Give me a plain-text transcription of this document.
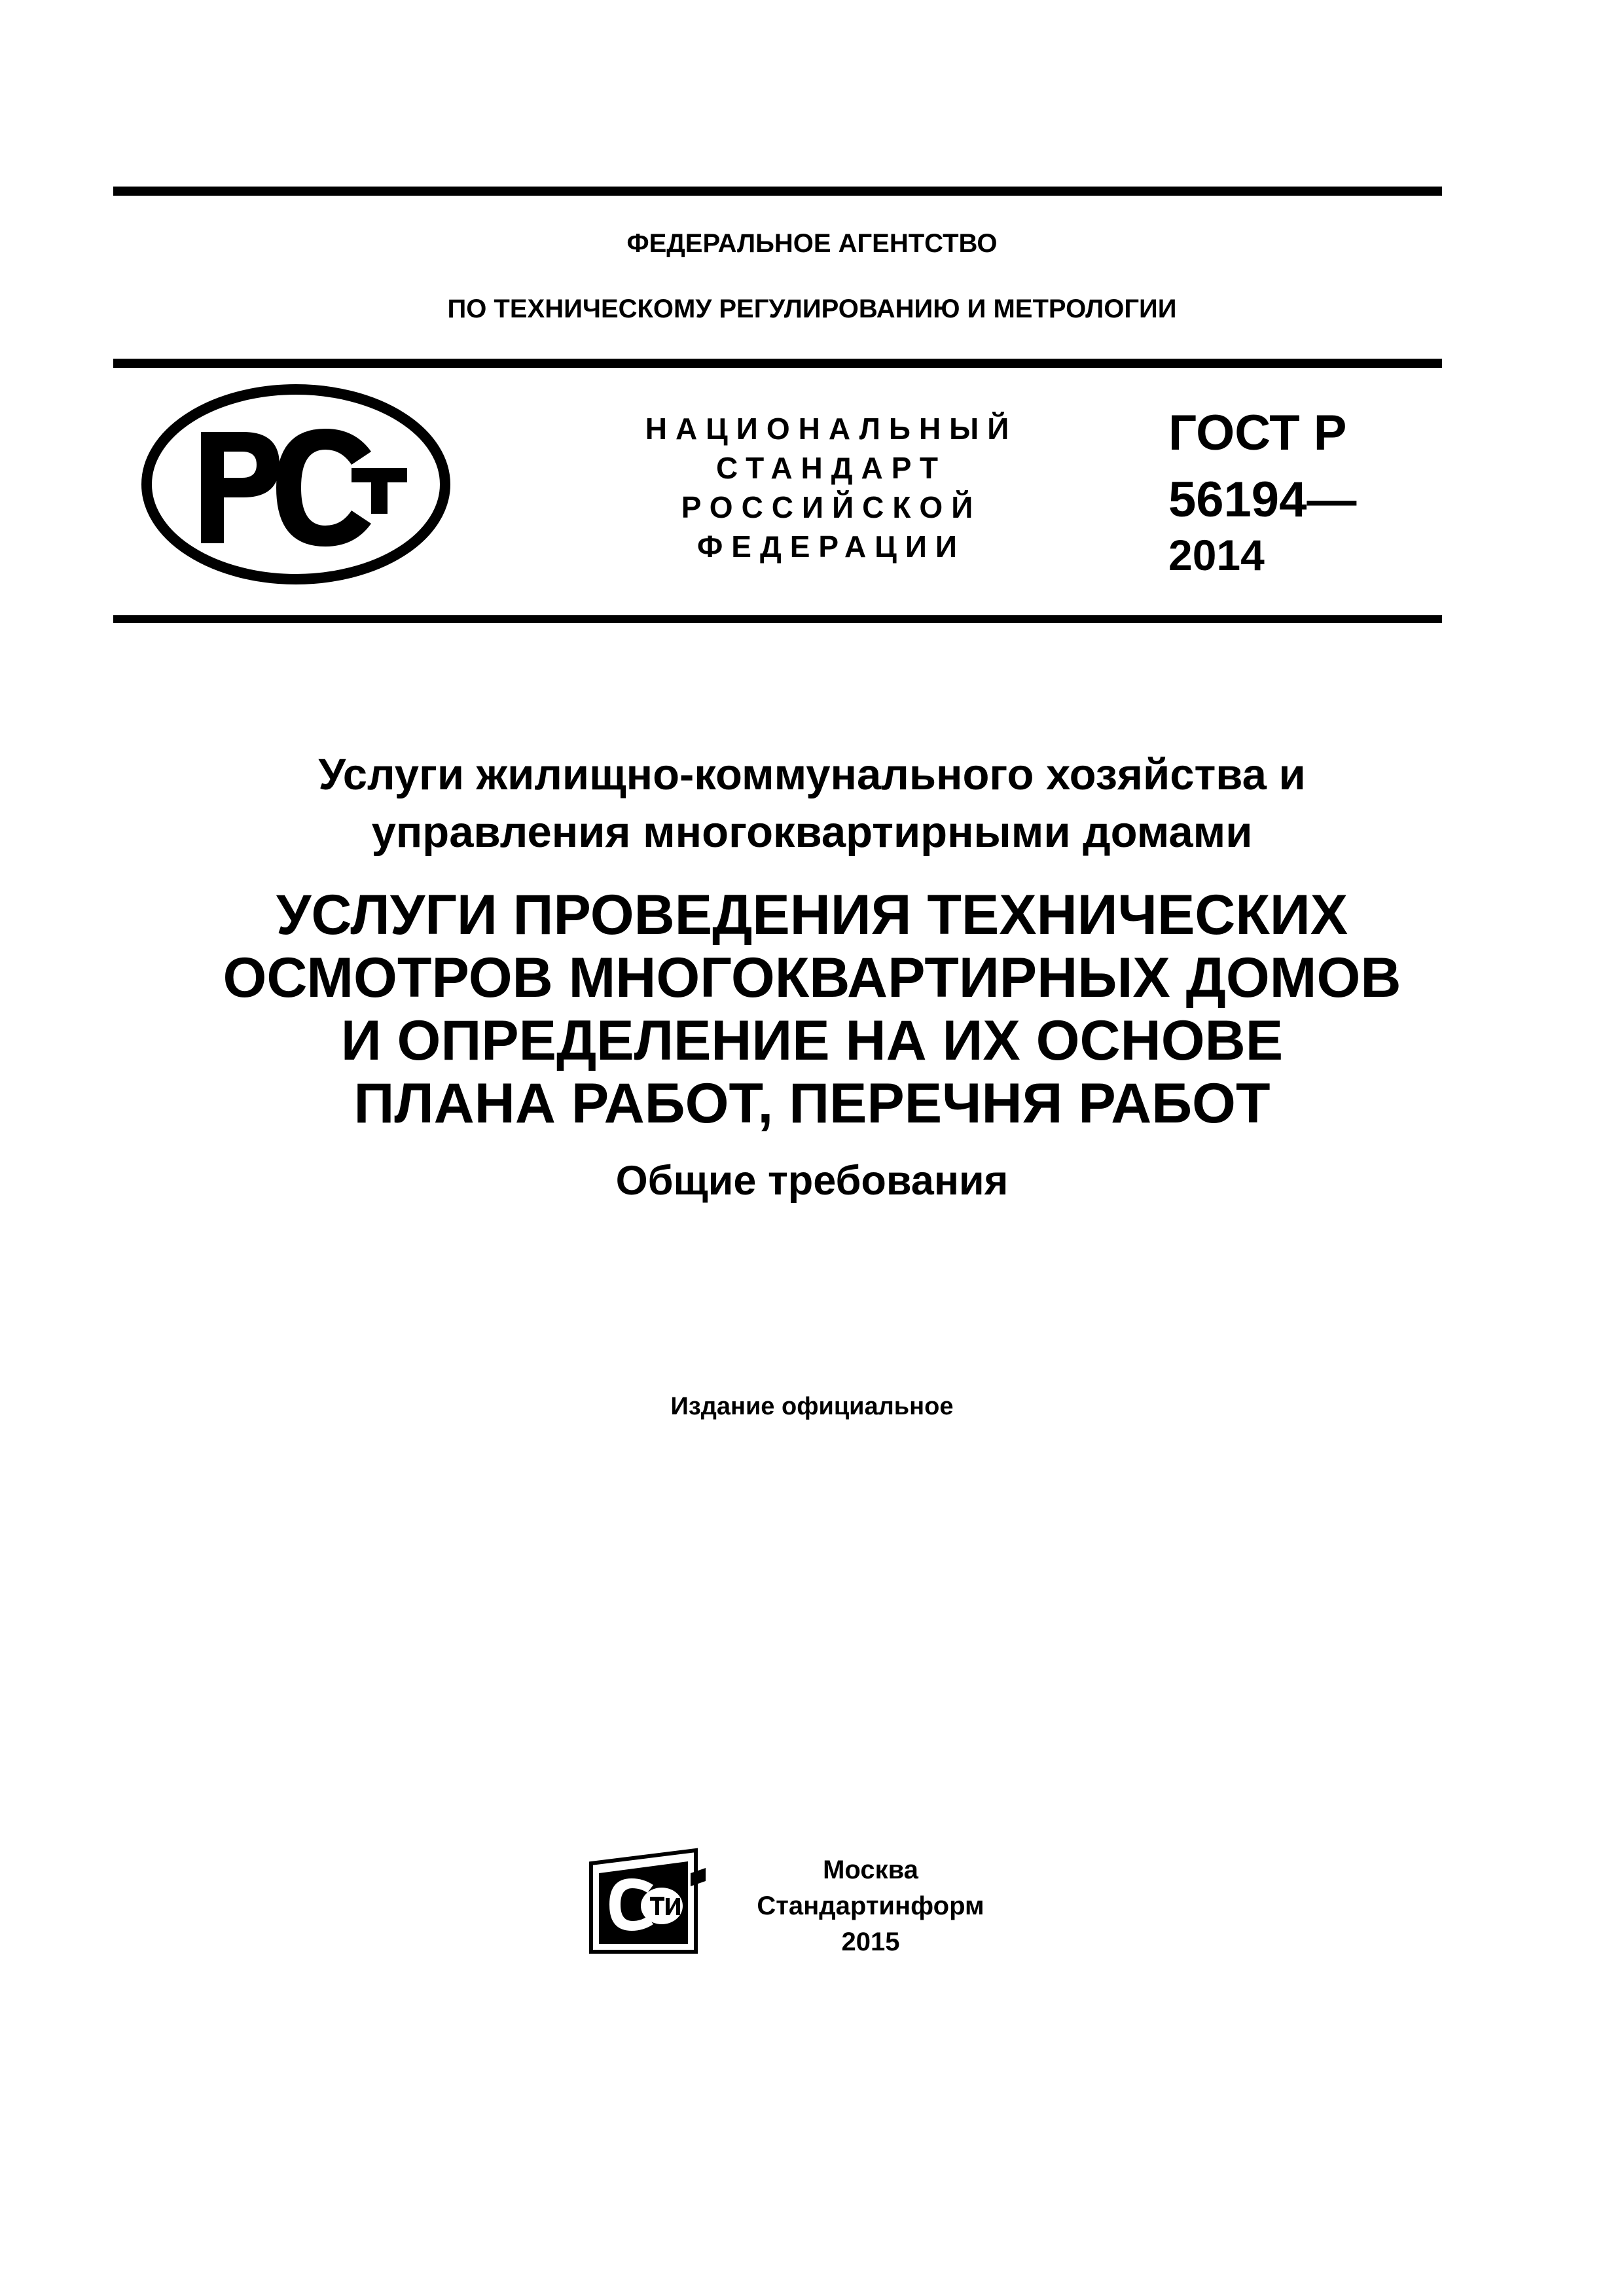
ФЕДЕРАЛЬНОЕ АГЕНТСТВО
ПО ТЕХНИЧЕСКОМУ РЕГУЛИРОВАНИЮ И МЕТРОЛОГИИ
НАЦИОНАЛЬНЫЙ
СТАНДАРТ
РОССИЙСКОЙ
ФЕДЕРАЦИИ
ГОСТ Р
56194—
2014

Услуги жилищно-коммунального хозяйства и

управления многоквартирными домами

УСЛУГИ ПРОВЕДЕНИЯ ТЕХНИЧЕСКИХ

ОСМОТРОВ МНОГОКВАРТИРНЫХ ДОМОВ

И ОПРЕДЕЛЕНИЕ НА ИХ ОСНОВЕ

ПЛАНА РАБОТ, ПЕРЕЧНЯ РАБОТ

Общие требования

Издание официальное
Москва
Стандартинформ
2015
